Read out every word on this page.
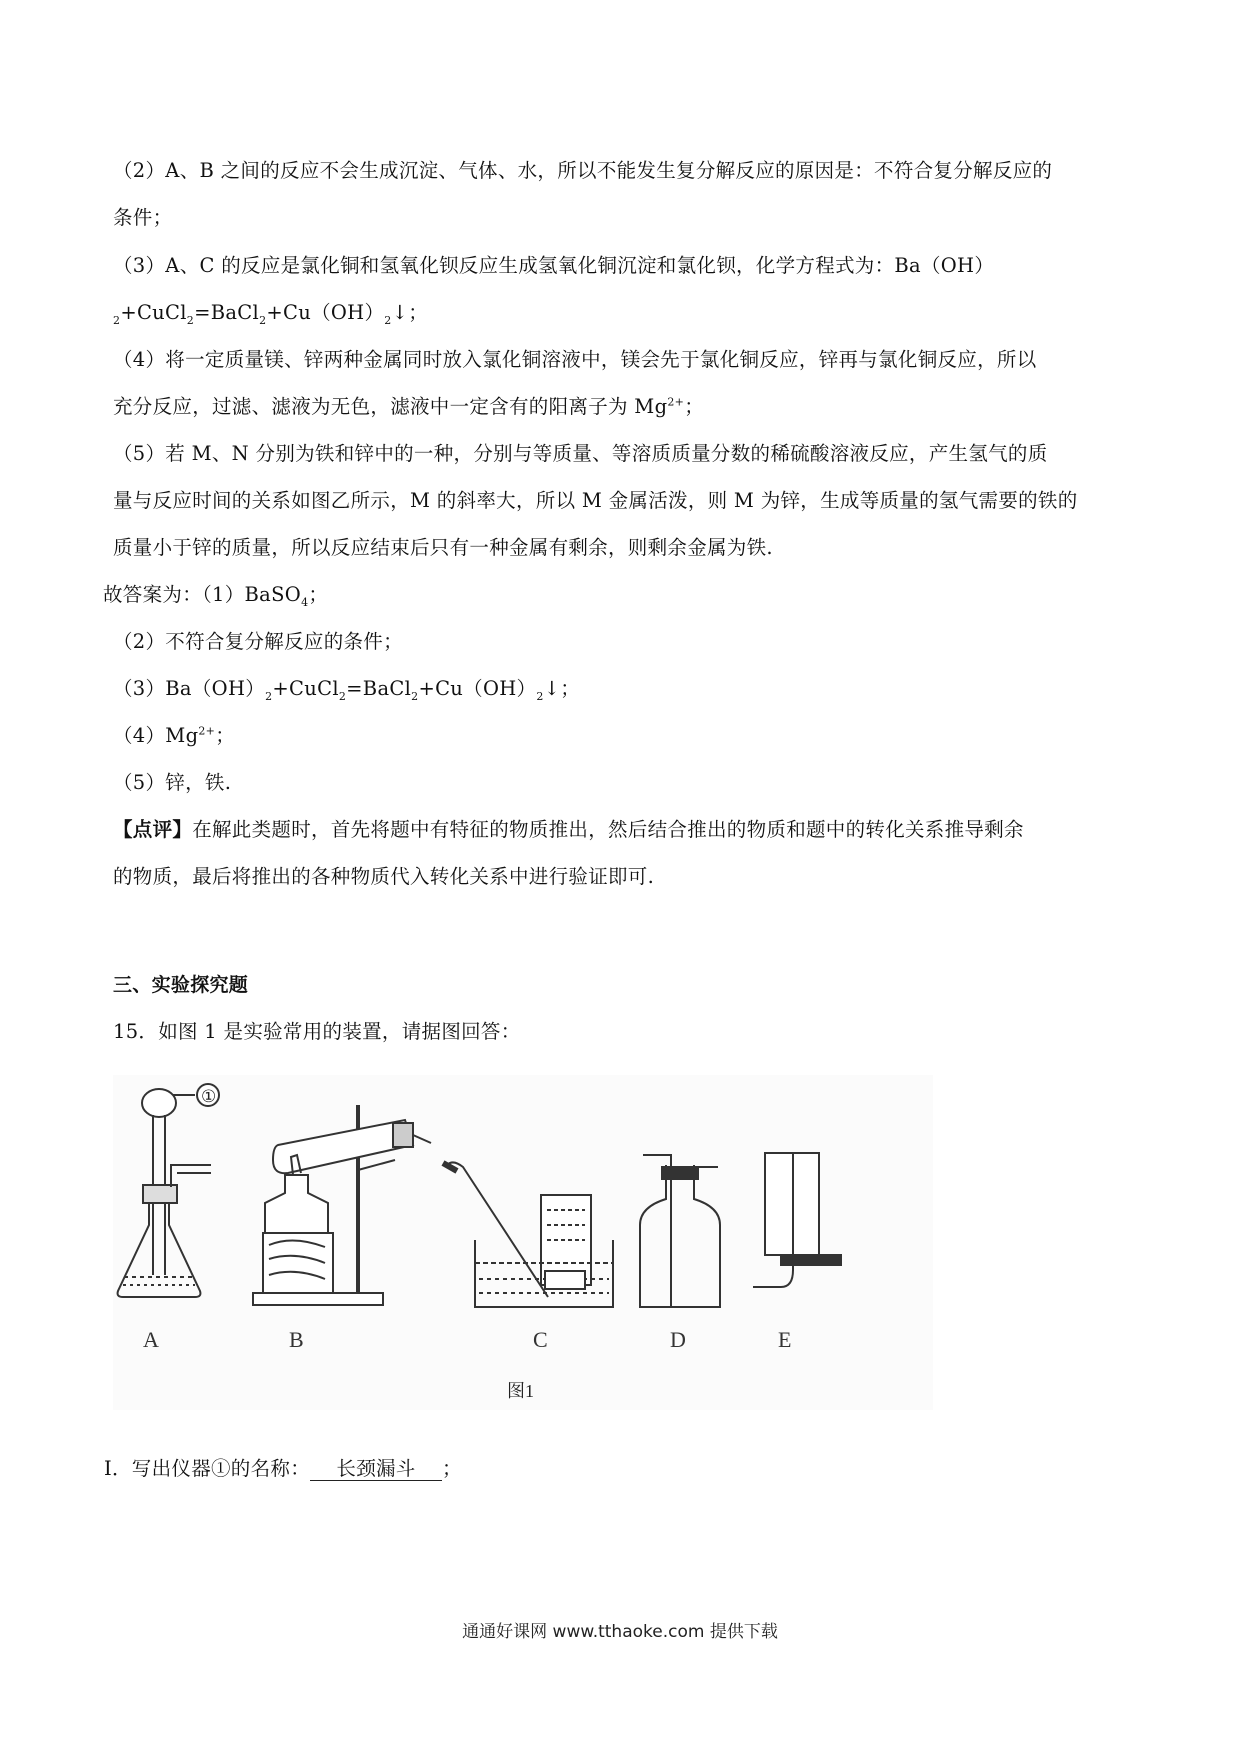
（2）A、B 之间的反应不会生成沉淀、气体、水，所以不能发生复分解反应的原因是：不符合复分解反应的
条件；
（3）A、C 的反应是氯化铜和氢氧化钡反应生成氢氧化铜沉淀和氯化钡，化学方程式为：Ba（OH）
$_2+CuCl_2=BaCl_2+Cu(OH)_2↓$；
（4）将一定质量镁、锌两种金属同时放入氯化铜溶液中，镁会先于氯化铜反应，锌再与氯化铜反应，所以
充分反应，过滤、滤液为无色，滤液中一定含有的阳离子为 $Mg^{2+}$；
（5）若 M、N 分别为铁和锌中的一种，分别与等质量、等溶质质量分数的稀硫酸溶液反应，产生氢气的质
量与反应时间的关系如图乙所示，M 的斜率大，所以 M 金属活泼，则 M 为锌，生成等质量的氢气需要的铁的
质量小于锌的质量，所以反应结束后只有一种金属有剩余，则剩余金属为铁.
故答案为：（1）BaSO$_4$；
（2）不符合复分解反应的条件；
$(3)Ba(OH)_2+CuCl_2=BaCl_2+Cu(OH)_2↓$；
$(4)Mg^{2+}$；
（5）锌，铁.
【点评】在解此类题时，首先将题中有特征的物质推出，然后结合推出的物质和题中的转化关系推导剩余
的物质，最后将推出的各种物质代入转化关系中进行验证即可.
三、实验探究题
15．如图 1 是实验常用的装置，请据图回答：
①
A	B	C	D	E
图1
Ⅰ．写出仪器①的名称： 长颈漏斗 ；
通通好课网 www.tthaoke.com 提供下载
